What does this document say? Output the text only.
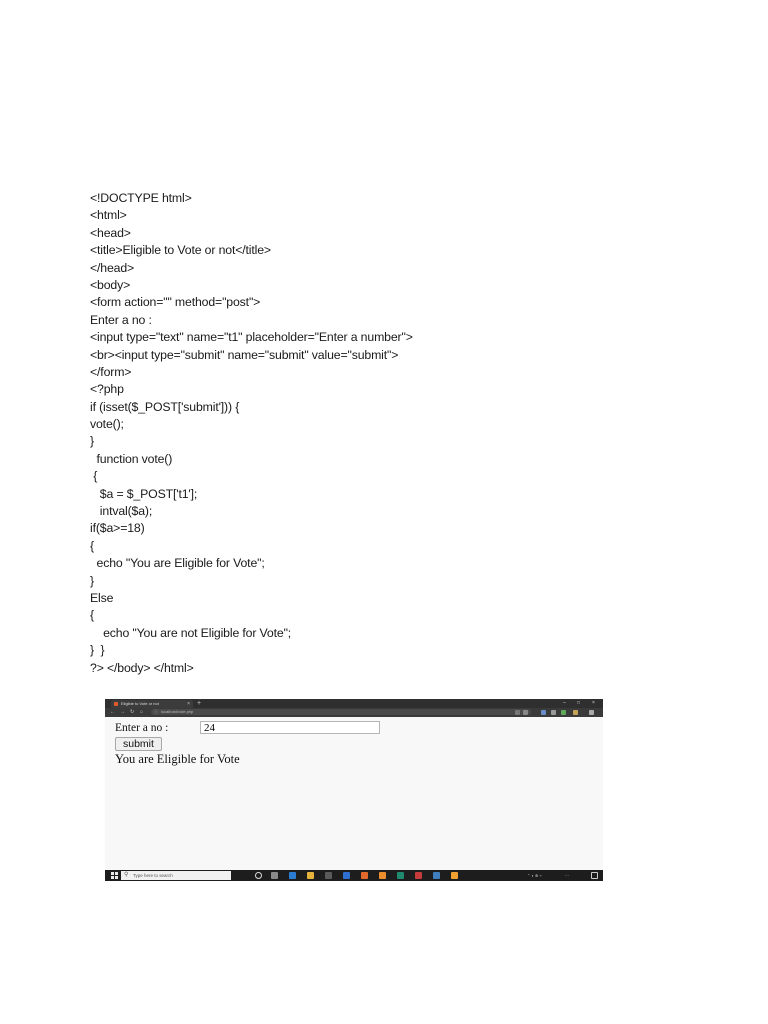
<!DOCTYPE html>
<html>
<head>
<title>Eligible to Vote or not</title>
</head>
<body>
<form action="" method="post">
Enter a no :
<input type="text" name="t1" placeholder="Enter a number">
<br><input type="submit" name="submit" value="submit">
</form>
<?php
if (isset($_POST['submit'])) {
vote();
}
function vote()
{
$a = $_POST['t1'];
intval($a);
if($a>=18)
{
echo "You are Eligible for Vote";
}
Else
{
echo "You are not Eligible for Vote";
}  }
?> </body> </html>
Eligible to Vote or not	× +	– □ ×
← → ↻ ⌂	ⓘ localhost/vote.php
Enter a no :
24
submit
You are Eligible for Vote
⚲ Type here to search	⌃ ◐ ⊕ ⌁	⋯
